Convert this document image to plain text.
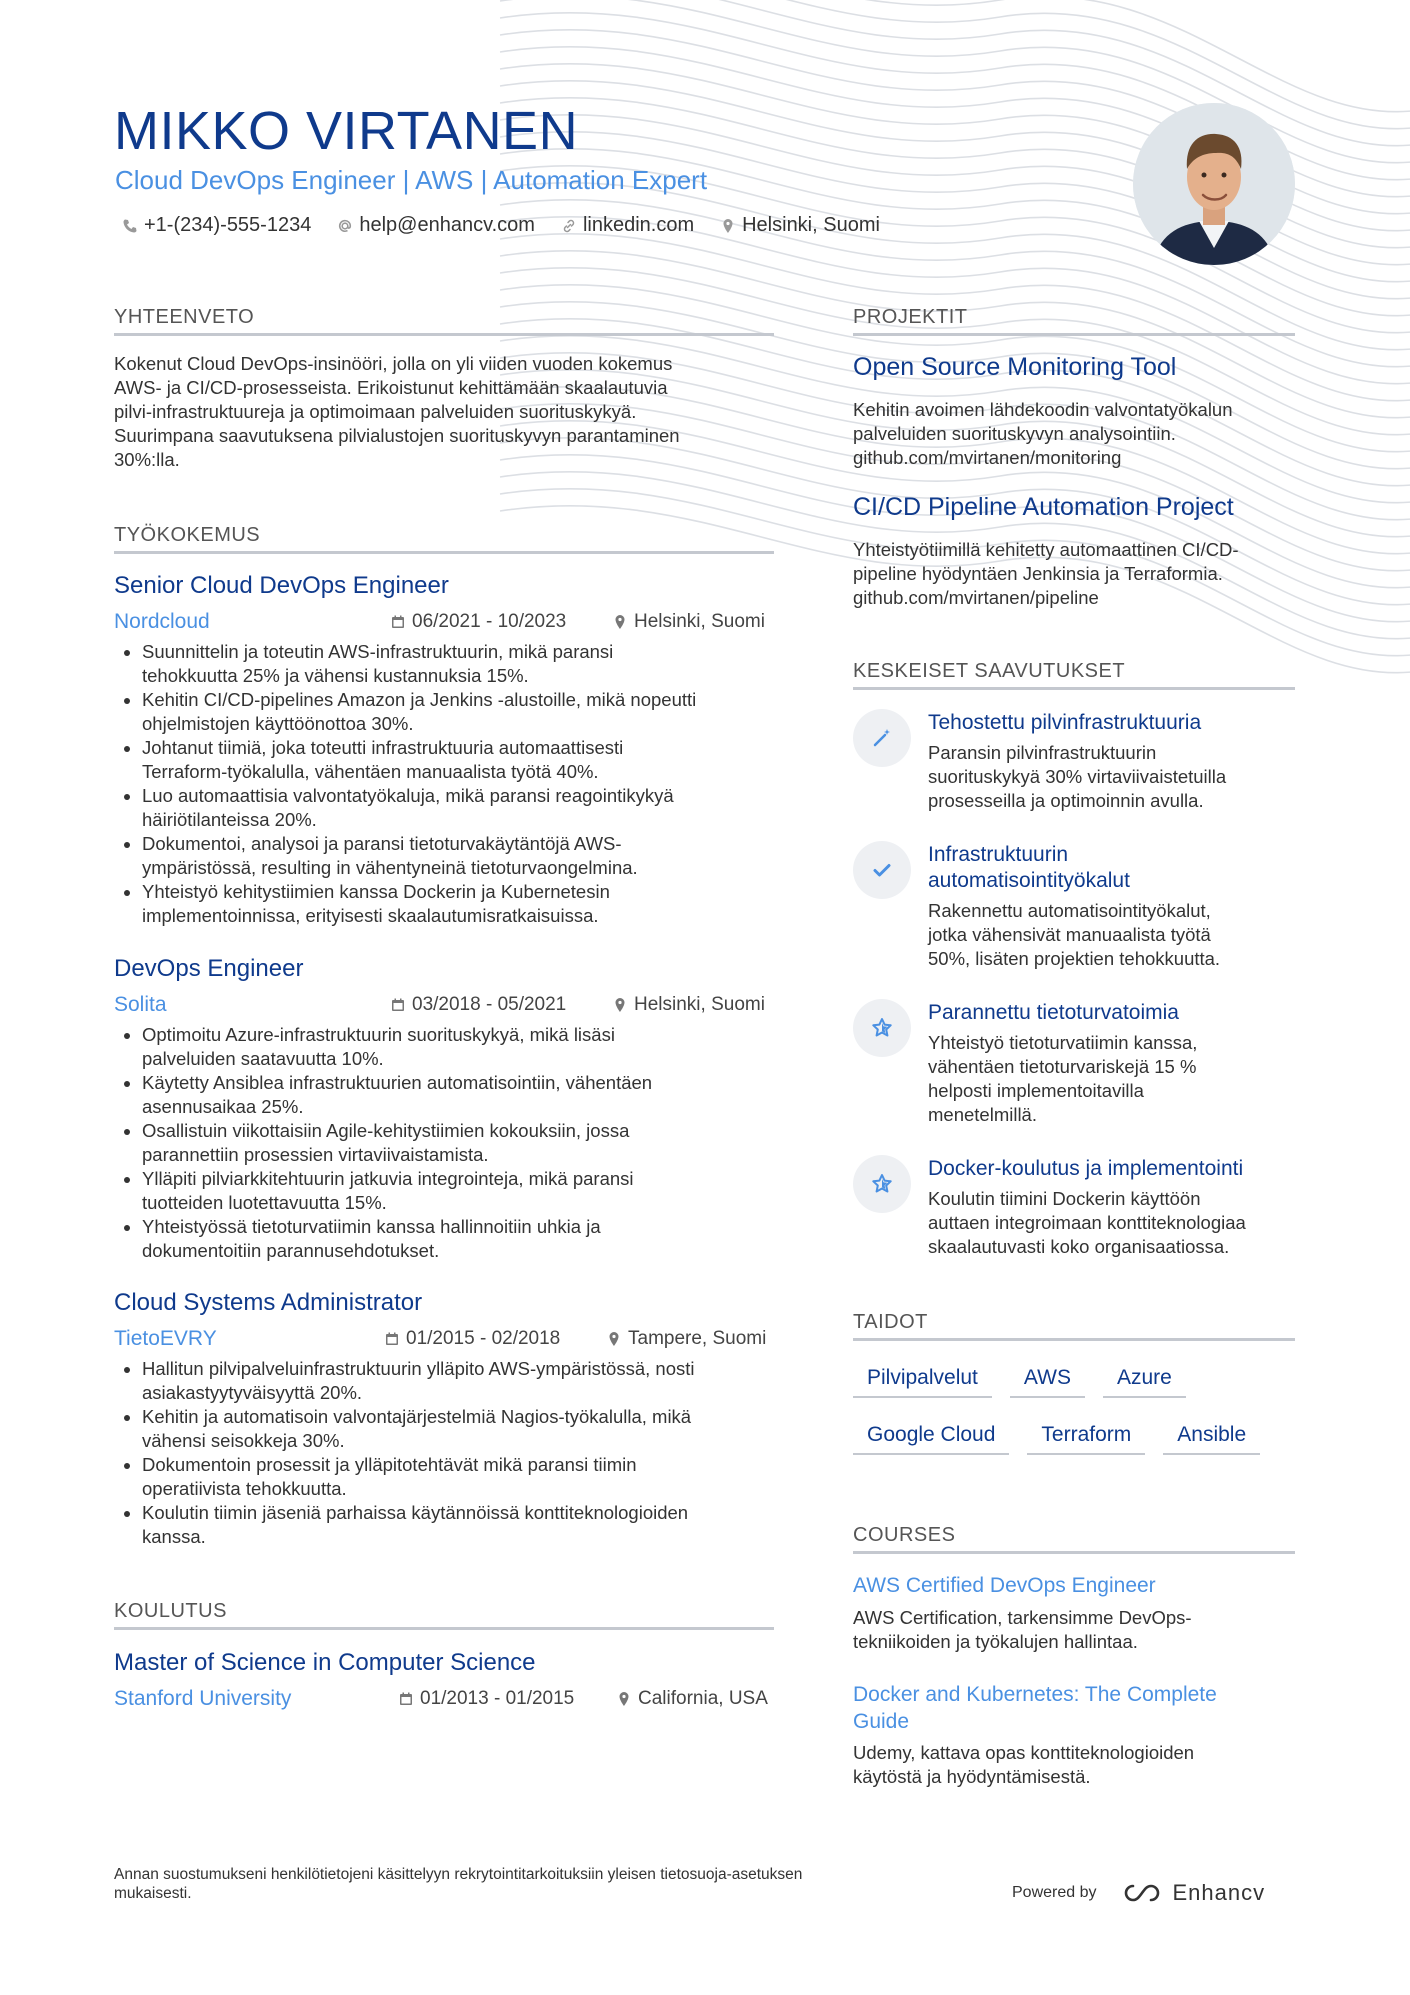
MIKKO VIRTANEN
Cloud DevOps Engineer | AWS | Automation Expert
+1-(234)-555-1234 help@enhancv.com linkedin.com Helsinki, Suomi
YHTEENVETO
Kokenut Cloud DevOps-insinööri, jolla on yli viiden vuoden kokemus
AWS- ja CI/CD-prosesseista. Erikoistunut kehittämään skaalautuvia
pilvi-infrastruktuureja ja optimoimaan palveluiden suorituskykyä.
Suurimpana saavutuksena pilvialustojen suorituskyvyn parantaminen
30%:lla.
TYÖKOKEMUS
Senior Cloud DevOps Engineer
Nordcloud	06/2021 - 10/2023	Helsinki, Suomi
• Suunnittelin ja toteutin AWS-infrastruktuurin, mikä paransi
tehokkuutta 25% ja vähensi kustannuksia 15%.
• Kehitin CI/CD-pipelines Amazon ja Jenkins -alustoille, mikä nopeutti
ohjelmistojen käyttöönottoa 30%.
• Johtanut tiimiä, joka toteutti infrastruktuuria automaattisesti
Terraform-työkalulla, vähentäen manuaalista työtä 40%.
• Luo automaattisia valvontatyökaluja, mikä paransi reagointikykyä
häiriötilanteissa 20%.
• Dokumentoi, analysoi ja paransi tietoturvakäytäntöjä AWS-
ympäristössä, resulting in vähentyneinä tietoturvaongelmina.
• Yhteistyö kehitystiimien kanssa Dockerin ja Kubernetesin
implementoinnissa, erityisesti skaalautumisratkaisuissa.
DevOps Engineer
Solita	03/2018 - 05/2021	Helsinki, Suomi
• Optimoitu Azure-infrastruktuurin suorituskykyä, mikä lisäsi
palveluiden saatavuutta 10%.
• Käytetty Ansiblea infrastruktuurien automatisointiin, vähentäen
asennusaikaa 25%.
• Osallistuin viikottaisiin Agile-kehitystiimien kokouksiin, jossa
parannettiin prosessien virtaviivaistamista.
• Ylläpiti pilviarkkitehtuurin jatkuvia integrointeja, mikä paransi
tuotteiden luotettavuutta 15%.
• Yhteistyössä tietoturvatiimin kanssa hallinnoitiin uhkia ja
dokumentoitiin parannusehdotukset.
Cloud Systems Administrator
TietoEVRY	01/2015 - 02/2018	Tampere, Suomi
• Hallitun pilvipalveluinfrastruktuurin ylläpito AWS-ympäristössä, nosti
asiakastyytyväisyyttä 20%.
• Kehitin ja automatisoin valvontajärjestelmiä Nagios-työkalulla, mikä
vähensi seisokkeja 30%.
• Dokumentoin prosessit ja ylläpitotehtävät mikä paransi tiimin
operatiivista tehokkuutta.
• Koulutin tiimin jäseniä parhaissa käytännöissä konttiteknologioiden
kanssa.
KOULUTUS
Master of Science in Computer Science
Stanford University	01/2013 - 01/2015	California, USA
PROJEKTIT
Open Source Monitoring Tool
Kehitin avoimen lähdekoodin valvontatyökalun
palveluiden suorituskyvyn analysointiin.
github.com/mvirtanen/monitoring
CI/CD Pipeline Automation Project
Yhteistyötiimillä kehitetty automaattinen CI/CD-
pipeline hyödyntäen Jenkinsia ja Terraformia.
github.com/mvirtanen/pipeline
KESKEISET SAAVUTUKSET
Tehostettu pilvinfrastruktuuria
Paransin pilvinfrastruktuurin
suorituskykyä 30% virtaviivaistetuilla
prosesseilla ja optimoinnin avulla.
Infrastruktuurin
automatisointityökalut
Rakennettu automatisointityökalut,
jotka vähensivät manuaalista työtä
50%, lisäten projektien tehokkuutta.
Parannettu tietoturvatoimia
Yhteistyö tietoturvatiimin kanssa,
vähentäen tietoturvariskejä 15 %
helposti implementoitavilla
menetelmillä.
Docker-koulutus ja implementointi
Koulutin tiimini Dockerin käyttöön
auttaen integroimaan konttiteknologiaa
skaalautuvasti koko organisaatiossa.
TAIDOT
Pilvipalvelut	AWS	Azure
Google Cloud	Terraform	Ansible
COURSES
AWS Certified DevOps Engineer
AWS Certification, tarkensimme DevOps-
tekniikoiden ja työkalujen hallintaa.
Docker and Kubernetes: The Complete
Guide
Udemy, kattava opas konttiteknologioiden
käytöstä ja hyödyntämisestä.
Annan suostumukseni henkilötietojeni käsittelyyn rekrytointitarkoituksiin yleisen tietosuoja-asetuksen
mukaisesti.	Powered by	Enhancv
